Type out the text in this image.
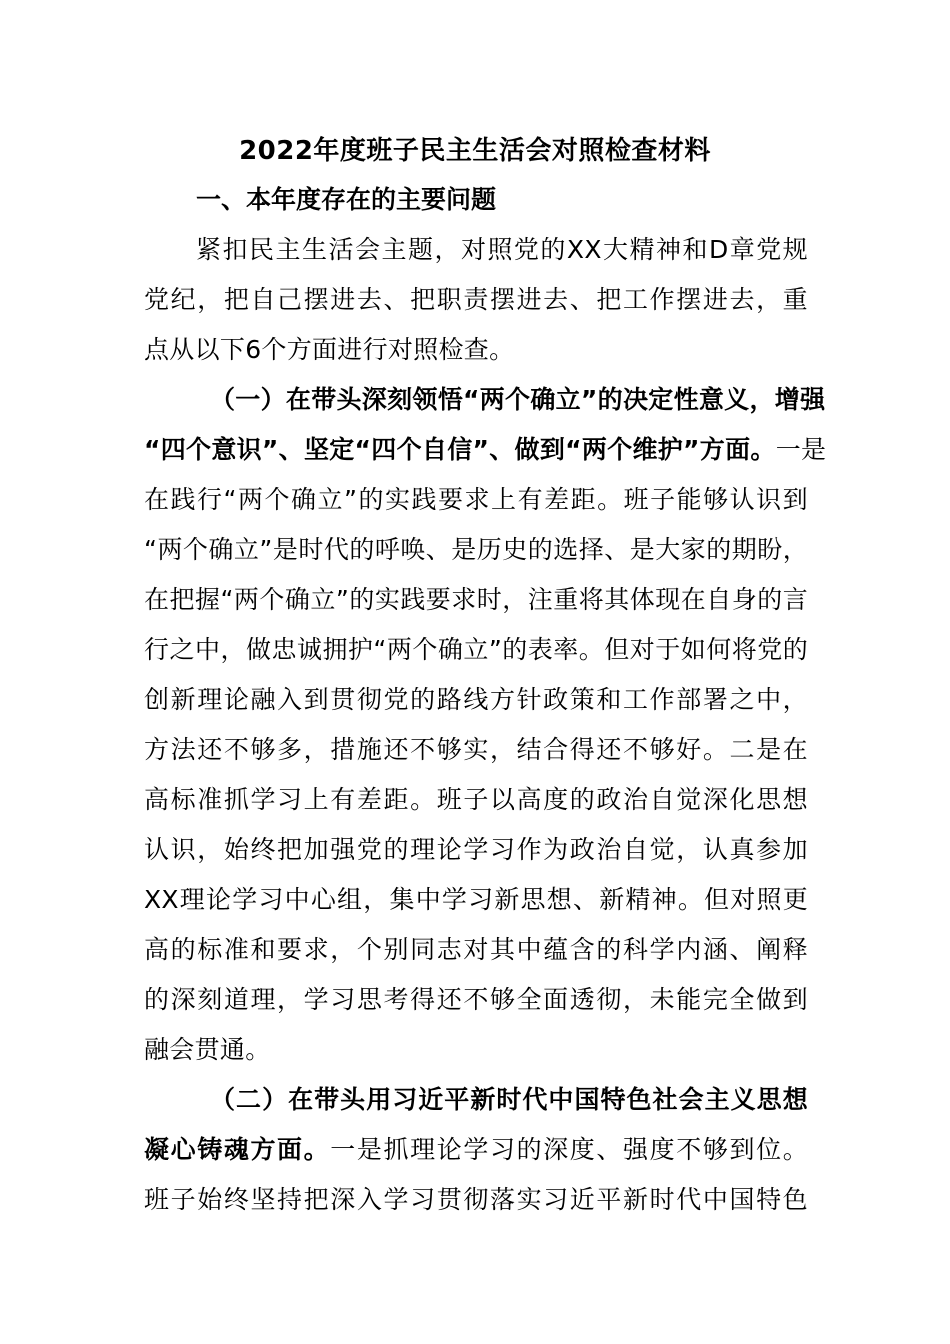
2022年度班子民主生活会对照检查材料
一、本年度存在的主要问题
紧扣民主生活会主题，对照党的XX大精神和D章党规
党纪，把自己摆进去、把职责摆进去、把工作摆进去，重
点从以下6个方面进行对照检查。
（一）在带头深刻领悟“两个确立”的决定性意义，增强
“四个意识”、坚定“四个自信”、做到“两个维护”方面。一是
在践行“两个确立”的实践要求上有差距。班子能够认识到
“两个确立”是时代的呼唤、是历史的选择、是大家的期盼，
在把握“两个确立”的实践要求时，注重将其体现在自身的言
行之中，做忠诚拥护“两个确立”的表率。但对于如何将党的
创新理论融入到贯彻党的路线方针政策和工作部署之中，
方法还不够多，措施还不够实，结合得还不够好。二是在
高标准抓学习上有差距。班子以高度的政治自觉深化思想
认识，始终把加强党的理论学习作为政治自觉，认真参加
XX理论学习中心组，集中学习新思想、新精神。但对照更
高的标准和要求，个别同志对其中蕴含的科学内涵、阐释
的深刻道理，学习思考得还不够全面透彻，未能完全做到
融会贯通。
（二）在带头用习近平新时代中国特色社会主义思想
凝心铸魂方面。一是抓理论学习的深度、强度不够到位。
班子始终坚持把深入学习贯彻落实习近平新时代中国特色
